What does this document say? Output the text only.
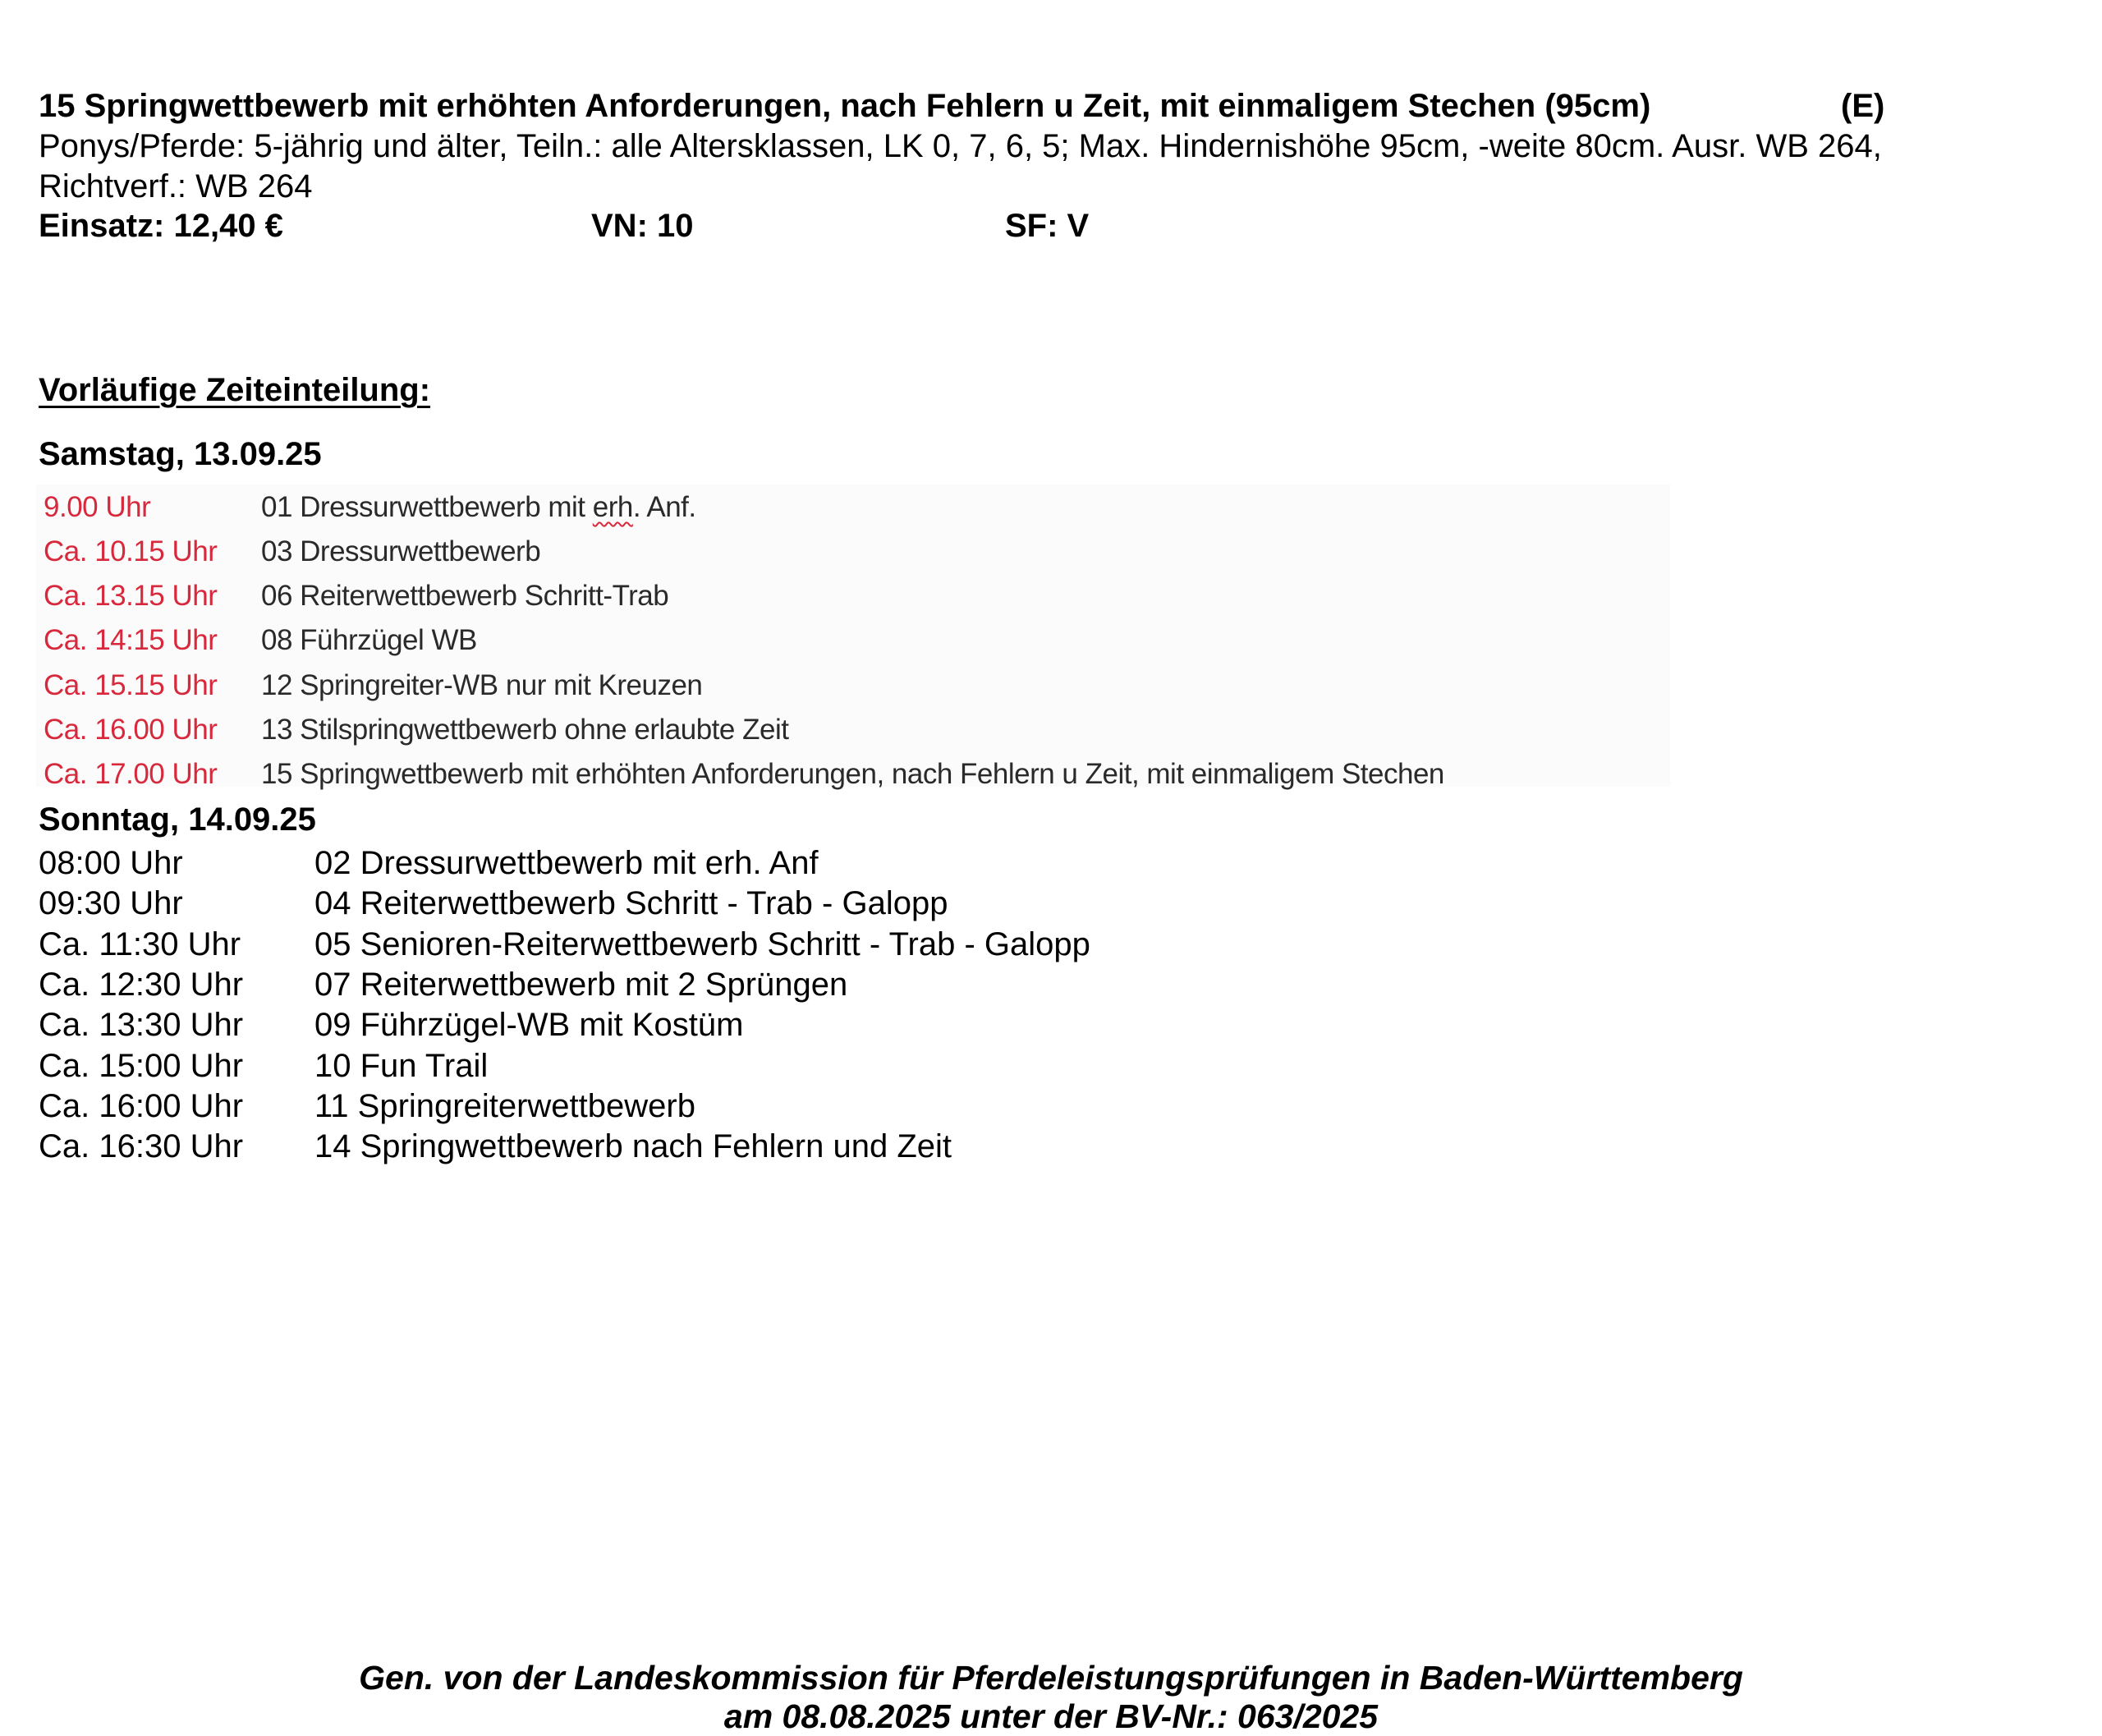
15 Springwettbewerb mit erhöhten Anforderungen, nach Fehlern u Zeit, mit einmaligem Stechen (95cm)	(E)
Ponys/Pferde: 5-jährig und älter, Teiln.: alle Altersklassen, LK 0, 7, 6, 5; Max. Hindernishöhe 95cm, -weite 80cm. Ausr. WB 264,
Richtverf.: WB 264
Einsatz: 12,40 €	VN: 10	SF: V
Vorläufige Zeiteinteilung:
Samstag, 13.09.25
9.00 Uhr	01 Dressurwettbewerb mit erh. Anf.
Ca. 10.15 Uhr 03 Dressurwettbewerb
Ca. 13.15 Uhr 06 Reiterwettbewerb Schritt-Trab
Ca. 14:15 Uhr 08 Führzügel WB
Ca. 15.15 Uhr 12 Springreiter-WB nur mit Kreuzen
Ca. 16.00 Uhr 13 Stilspringwettbewerb ohne erlaubte Zeit
Ca. 17.00 Uhr 15 Springwettbewerb mit erhöhten Anforderungen, nach Fehlern u Zeit, mit einmaligem Stechen
Sonntag, 14.09.25
08:00 Uhr	02 Dressurwettbewerb mit erh. Anf
09:30 Uhr	04 Reiterwettbewerb Schritt - Trab - Galopp
Ca. 11:30 Uhr 05 Senioren-Reiterwettbewerb Schritt - Trab - Galopp
Ca. 12:30 Uhr 07 Reiterwettbewerb mit 2 Sprüngen
Ca. 13:30 Uhr 09 Führzügel-WB mit Kostüm
Ca. 15:00 Uhr 10 Fun Trail
Ca. 16:00 Uhr 11 Springreiterwettbewerb
Ca. 16:30 Uhr 14 Springwettbewerb nach Fehlern und Zeit
Gen. von der Landeskommission für Pferdeleistungsprüfungen in Baden-Württemberg
am 08.08.2025 unter der BV-Nr.: 063/2025
